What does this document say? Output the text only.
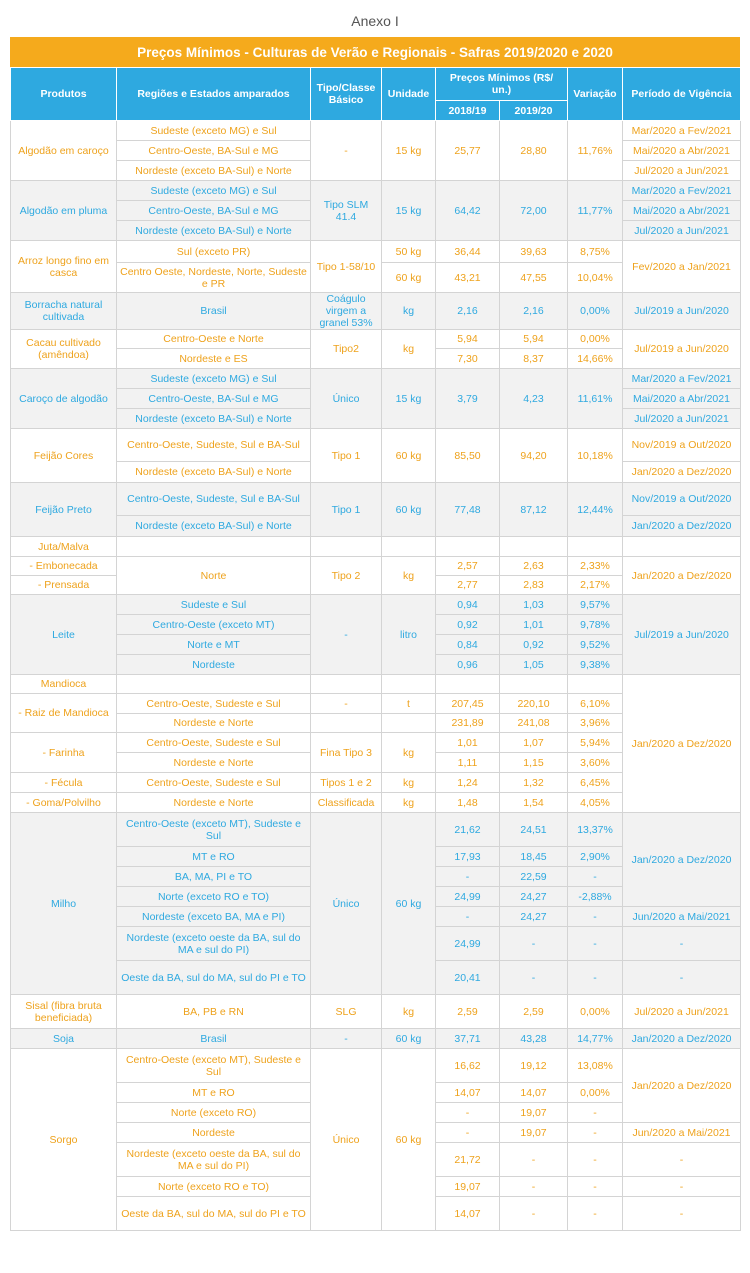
Anexo I
Preços Mínimos - Culturas de Verão e Regionais - Safras 2019/2020 e 2020
Produtos	Regiões e Estados amparados	Tipo/Classe Básico	Unidade	Preços Mínimos (R$/ un.)		Variação	Período de Vigência
				2018/19	2019/20		
Algodão em caroço	Sudeste (exceto MG) e Sul	-	15 kg	25,77	28,80	11,76%	Mar/2020 a Fev/2021
	Centro-Oeste, BA-Sul e MG						Mai/2020 a Abr/2021
	Nordeste (exceto BA-Sul) e Norte						Jul/2020 a Jun/2021
Algodão em pluma	Sudeste (exceto MG) e Sul	Tipo SLM 41.4	15 kg	64,42	72,00	11,77%	Mar/2020 a Fev/2021
	Centro-Oeste, BA-Sul e MG						Mai/2020 a Abr/2021
	Nordeste (exceto BA-Sul) e Norte						Jul/2020 a Jun/2021
Arroz longo fino em casca	Sul (exceto PR)	Tipo 1-58/10	50 kg	36,44	39,63	8,75%	Fev/2020 a Jan/2021
	Centro Oeste, Nordeste, Norte, Sudeste e PR		60 kg	43,21	47,55	10,04%	
Borracha natural cultivada	Brasil	Coágulo virgem a granel 53%	kg	2,16	2,16	0,00%	Jul/2019 a Jun/2020
Cacau cultivado (amêndoa)	Centro-Oeste e Norte	Tipo2	kg	5,94	5,94	0,00%	Jul/2019 a Jun/2020
	Nordeste e ES			7,30	8,37	14,66%	
Caroço de algodão	Sudeste (exceto MG) e Sul	Único	15 kg	3,79	4,23	11,61%	Mar/2020 a Fev/2021
	Centro-Oeste, BA-Sul e MG						Mai/2020 a Abr/2021
	Nordeste (exceto BA-Sul) e Norte						Jul/2020 a Jun/2021
Feijão Cores	Centro-Oeste, Sudeste, Sul e BA-Sul	Tipo 1	60 kg	85,50	94,20	10,18%	Nov/2019 a Out/2020
	Nordeste (exceto BA-Sul) e Norte						Jan/2020 a Dez/2020
Feijão Preto	Centro-Oeste, Sudeste, Sul e BA-Sul	Tipo 1	60 kg	77,48	87,12	12,44%	Nov/2019 a Out/2020
	Nordeste (exceto BA-Sul) e Norte						Jan/2020 a Dez/2020
Juta/Malva							
- Embonecada	Norte	Tipo 2	kg	2,57	2,63	2,33%	Jan/2020 a Dez/2020
- Prensada				2,77	2,83	2,17%	
Leite	Sudeste e Sul	-	litro	0,94	1,03	9,57%	Jul/2019 a Jun/2020
	Centro-Oeste (exceto MT)			0,92	1,01	9,78%	
	Norte e MT			0,84	0,92	9,52%	
	Nordeste			0,96	1,05	9,38%	
Mandioca							Jan/2020 a Dez/2020
- Raiz de Mandioca	Centro-Oeste, Sudeste e Sul	-	t	207,45	220,10	6,10%	
	Nordeste e Norte			231,89	241,08	3,96%	
- Farinha	Centro-Oeste, Sudeste e Sul	Fina Tipo 3	kg	1,01	1,07	5,94%	
	Nordeste e Norte			1,11	1,15	3,60%	
- Fécula	Centro-Oeste, Sudeste e Sul	Tipos 1 e 2	kg	1,24	1,32	6,45%	
- Goma/Polvilho	Nordeste e Norte	Classificada	kg	1,48	1,54	4,05%	
Milho	Centro-Oeste (exceto MT), Sudeste e Sul	Único	60 kg	21,62	24,51	13,37%	Jan/2020 a Dez/2020
	MT e RO			17,93	18,45	2,90%	
	BA, MA, PI e TO			-	22,59	-	
	Norte (exceto RO e TO)			24,99	24,27	-2,88%	
	Nordeste (exceto BA, MA e PI)			-	24,27	-	Jun/2020 a Mai/2021
	Nordeste (exceto oeste da BA, sul do MA e sul do PI)			24,99	-	-	-
	Oeste da BA, sul do MA, sul do PI e TO			20,41	-	-	-
Sisal (fibra bruta beneficiada)	BA, PB e RN	SLG	kg	2,59	2,59	0,00%	Jul/2020 a Jun/2021
Soja	Brasil	-	60 kg	37,71	43,28	14,77%	Jan/2020 a Dez/2020
Sorgo	Centro-Oeste (exceto MT), Sudeste e Sul	Único	60 kg	16,62	19,12	13,08%	Jan/2020 a Dez/2020
	MT e RO			14,07	14,07	0,00%	
	Norte (exceto RO)			-	19,07	-	
	Nordeste			-	19,07	-	Jun/2020 a Mai/2021
	Nordeste (exceto oeste da BA, sul do MA e sul do PI)			21,72	-	-	-
	Norte (exceto RO e TO)			19,07	-	-	-
	Oeste da BA, sul do MA, sul do PI e TO			14,07	-	-	-
